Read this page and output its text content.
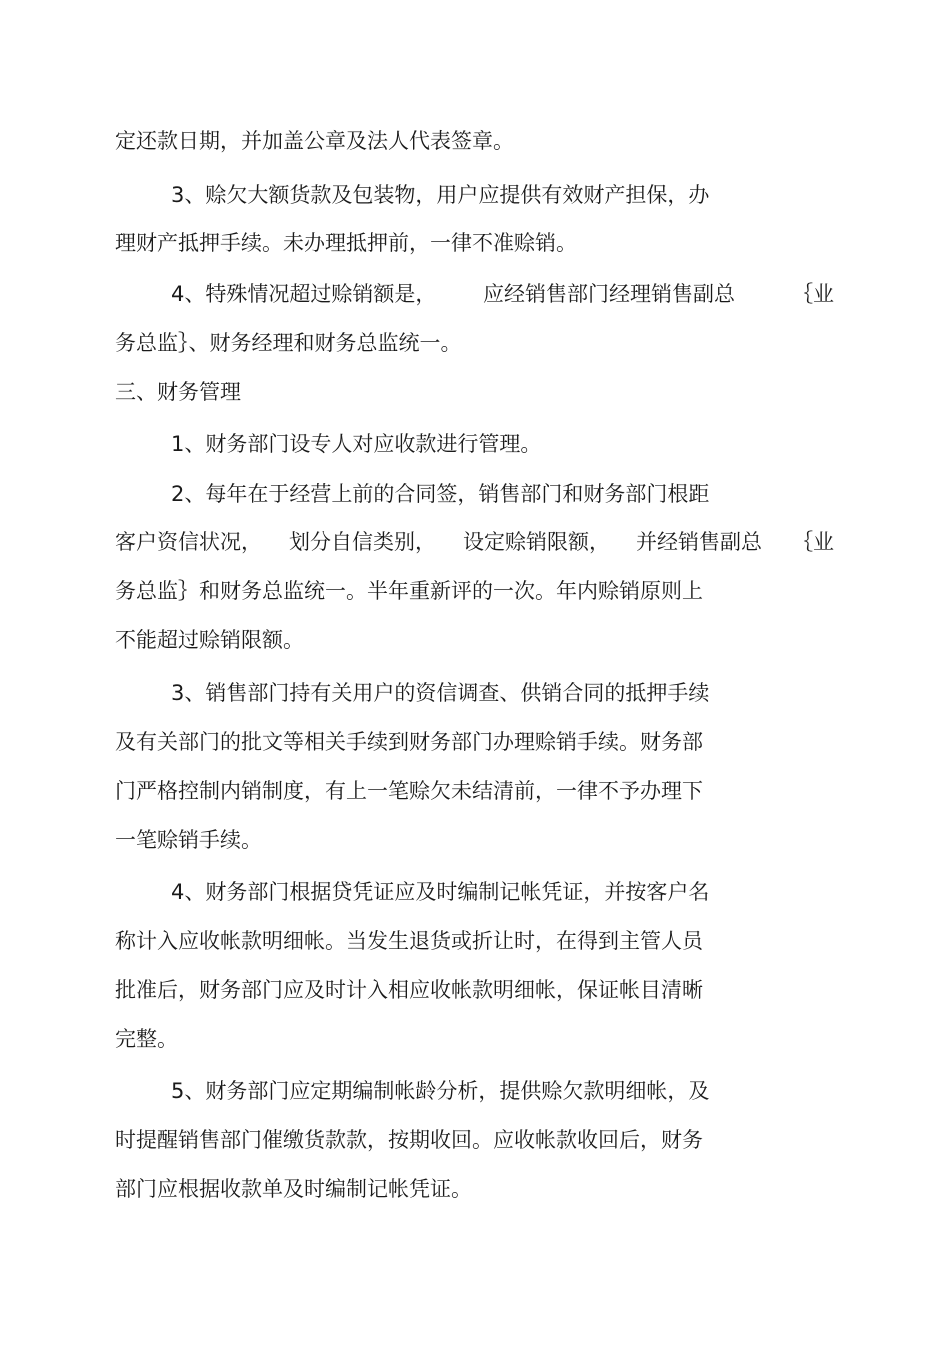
定还款日期，并加盖公章及法人代表签章。
3、赊欠大额货款及包装物，用户应提供有效财产担保，办
理财产抵押手续。未办理抵押前，一律不准赊销。
4、特殊情况超过赊销额是， 应经销售部门经理销售副总	｛业
务总监｝、财务经理和财务总监统一。
三、财务管理
1、财务部门设专人对应收款进行管理。
2、每年在于经营上前的合同签，销售部门和财务部门根距
客户资信状况， 划分自信类别， 设定赊销限额， 并经销售副总 ｛业
务总监｝和财务总监统一。半年重新评的一次。年内赊销原则上
不能超过赊销限额。
3、销售部门持有关用户的资信调查、供销合同的抵押手续
及有关部门的批文等相关手续到财务部门办理赊销手续。财务部
门严格控制内销制度，有上一笔赊欠未结清前，一律不予办理下
一笔赊销手续。
4、财务部门根据贷凭证应及时编制记帐凭证，并按客户名
称计入应收帐款明细帐。当发生退货或折让时，在得到主管人员
批准后，财务部门应及时计入相应收帐款明细帐，保证帐目清晰
完整。
5、财务部门应定期编制帐龄分析，提供赊欠款明细帐，及
时提醒销售部门催缴货款款，按期收回。应收帐款收回后，财务
部门应根据收款单及时编制记帐凭证。
